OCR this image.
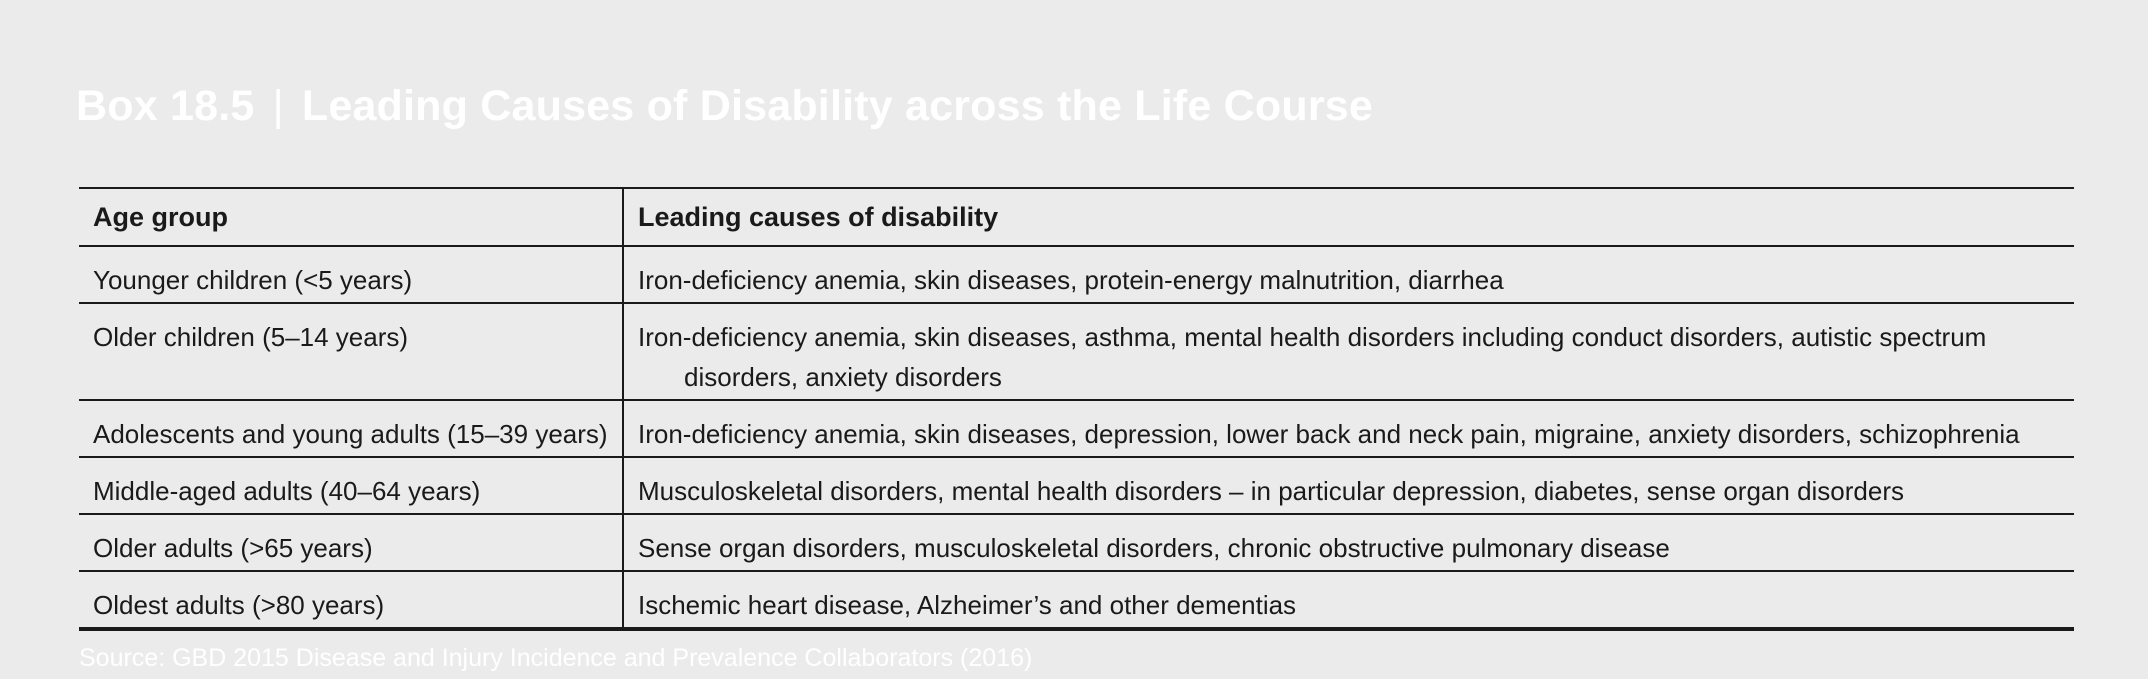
Box 18.5 | Leading Causes of Disability across the Life Course
Age group	Leading causes of disability
Younger children (<5 years)	Iron-deficiency anemia, skin diseases, protein-energy malnutrition, diarrhea

Older children (5–14 years)	Iron-deficiency anemia, skin diseases, asthma, mental health disorders including conduct disorders, autistic spectrum disorders, anxiety disorders

Adolescents and young adults (15–39 years)	Iron-deficiency anemia, skin diseases, depression, lower back and neck pain, migraine, anxiety disorders, schizophrenia

Middle-aged adults (40–64 years)	Musculoskeletal disorders, mental health disorders – in particular depression, diabetes, sense organ disorders

Older adults (>65 years)	Sense organ disorders, musculoskeletal disorders, chronic obstructive pulmonary disease

Oldest adults (>80 years)	Ischemic heart disease, Alzheimer’s and other dementias
Source: GBD 2015 Disease and Injury Incidence and Prevalence Collaborators (2016)
